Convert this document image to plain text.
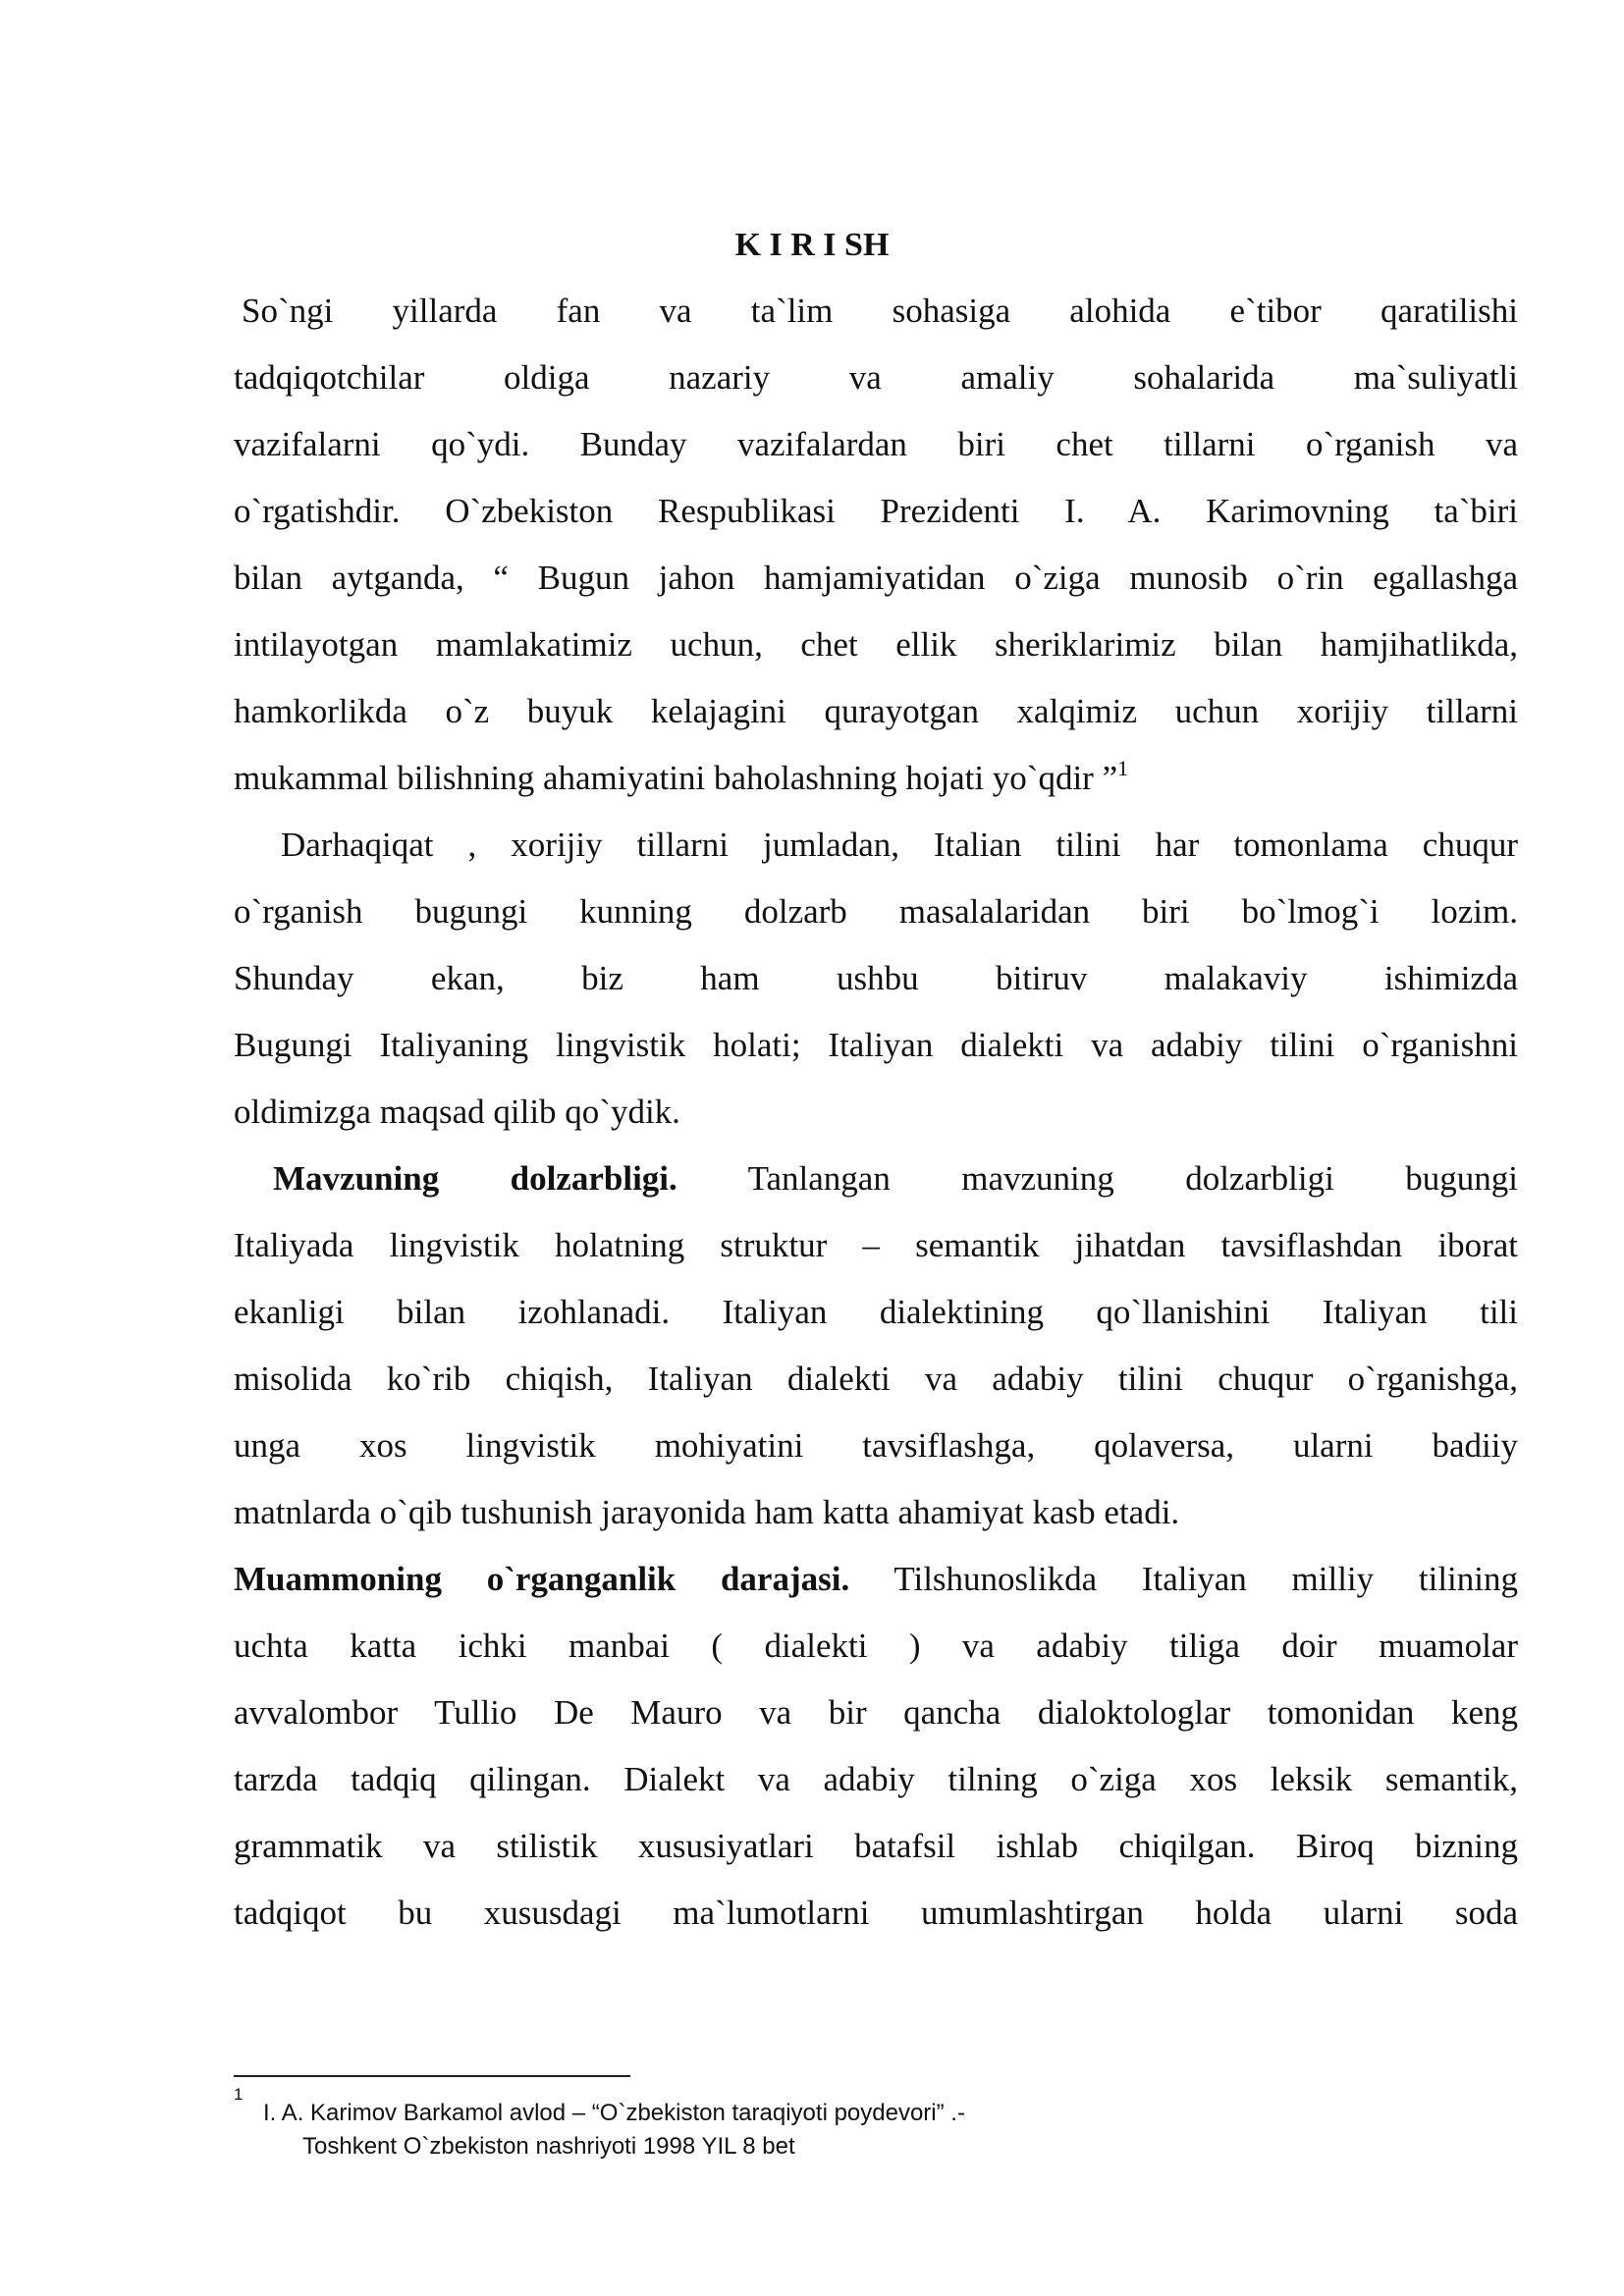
K I R I SH
So`ngi yillarda fan va ta`lim sohasiga alohida e`tibor qaratilishi
tadqiqotchilar oldiga nazariy va amaliy sohalarida ma`suliyatli
vazifalarni qo`ydi. Bunday vazifalardan biri chet tillarni o`rganish va
o`rgatishdir. O`zbekiston Respublikasi Prezidenti I. A. Karimovning ta`biri
bilan aytganda, “ Bugun jahon hamjamiyatidan o`ziga munosib o`rin egallashga
intilayotgan mamlakatimiz uchun, chet ellik sheriklarimiz bilan hamjihatlikda,
hamkorlikda o`z buyuk kelajagini qurayotgan xalqimiz uchun xorijiy tillarni
mukammal bilishning ahamiyatini baholashning hojati yo`qdir ”$^1$
Darhaqiqat , xorijiy tillarni jumladan, Italian tilini har tomonlama chuqur
o`rganish bugungi kunning dolzarb masalalaridan biri bo`lmog`i lozim.
Shunday ekan, biz ham ushbu bitiruv malakaviy ishimizda
Bugungi Italiyaning lingvistik holati; Italiyan dialekti va adabiy tilini o`rganishni
oldimizga maqsad qilib qo`ydik.
Mavzuning dolzarbligi. Tanlangan mavzuning dolzarbligi bugungi
Italiyada lingvistik holatning struktur – semantik jihatdan tavsiflashdan iborat
ekanligi bilan izohlanadi. Italiyan dialektining qo`llanishini Italiyan tili
misolida ko`rib chiqish, Italiyan dialekti va adabiy tilini chuqur o`rganishga,
unga xos lingvistik mohiyatini tavsiflashga, qolaversa, ularni badiiy
matnlarda o`qib tushunish jarayonida ham katta ahamiyat kasb etadi.
Muammoning o`rganganlik darajasi. Tilshunoslikda Italiyan milliy tilining
uchta katta ichki manbai ( dialekti ) va adabiy tiliga doir muamolar
avvalombor Tullio De Mauro va bir qancha dialoktologlar tomonidan keng
tarzda tadqiq qilingan. Dialekt va adabiy tilning o`ziga xos leksik semantik,
grammatik va stilistik xususiyatlari batafsil ishlab chiqilgan. Biroq bizning
tadqiqot bu xususdagi ma`lumotlarni umumlashtirgan holda ularni soda
1
I. A. Karimov Barkamol avlod – “O`zbekiston taraqiyoti poydevori” .-
Toshkent O`zbekiston nashriyoti 1998 YIL 8 bet
